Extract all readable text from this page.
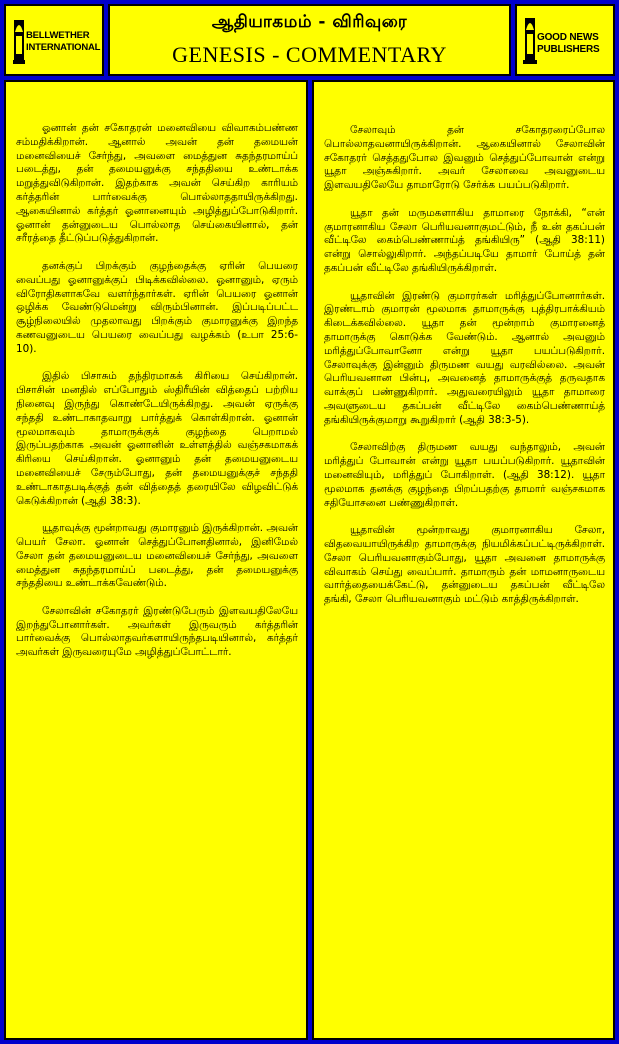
BELLWETHER
INTERNATIONAL
ஆதியாகமம் - விரிவுரை
GENESIS - COMMENTARY
GOOD NEWS
PUBLISHERS

ஓனான் தன் சகோதரன் மனைவியை விவாகம்பண்ண சம்மதிக்கிறான். ஆனால் அவன் தன் தமையன் மனைவியைச் சேர்ந்து, அவளை மைத்துன சுதந்தரமாய்ப் படைத்து, தன் தமையனுக்கு சந்ததியை உண்டாக்க மறுத்துவிடுகிறான். இதற்காக அவன் செய்கிற காரியம் கர்த்தரின் பார்வைக்கு பொல்லாததாயிருக்கிறது. ஆகையினால் கர்த்தர் ஓனானையும் அழித்துப்போடுகிறார். ஓனான் தன்னுடைய பொல்லாத செய்கையினால், தன் சரீரத்தை தீட்டுப்படுத்துகிறான்.

தனக்குப் பிறக்கும் குழந்தைக்கு ஏரின் பெயரை வைப்பது ஓனானுக்குப் பிடிக்கவில்லை. ஓனானும், ஏரும் விரோதிகளாகவே வளர்ந்தார்கள். ஏரின் பெயரை ஓனான் ஒழிக்க வேண்டுமென்று விரும்பினான். இப்படிப்பட்ட சூழ்நிலையில் முதலாவது பிறக்கும் குமாரனுக்கு இறந்த கணவனுடைய பெயரை வைப்பது வழக்கம் (உபா 25:6-10).

இதில் பிசாசும் தந்திரமாகக் கிரியை செய்கிறான். பிசாசின் மனதில் எப்போதும் ஸ்திரீயின் வித்தைப் பற்றிய நினைவு இருந்து கொண்டேயிருக்கிறது. அவன் ஏருக்கு சந்ததி உண்டாகாதவாறு பார்த்துக் கொள்கிறான். ஓனான் மூலமாகவும் தாமாருக்குக் குழந்தை பெறாமல் இருப்பதற்காக அவன் ஓனானின் உள்ளத்தில் வஞ்சகமாகக் கிரியை செய்கிறான். ஓனானும் தன் தமையனுடைய மனைவியைச் சேரும்போது, தன் தமையனுக்குச் சந்ததி உண்டாகாதபடிக்குத் தன் வித்தைத் தரையிலே விழவிட்டுக் கெடுக்கிறான் (ஆதி 38:3).

யூதாவுக்கு மூன்றாவது குமாரனும் இருக்கிறான். அவன் பெயர் சேலா. ஓனான் செத்துப்போனதினால், இனிமேல் சேலா தன் தமையனுடைய மனைவியைச் சேர்ந்து, அவளை மைத்துன சுதந்தரமாய்ப் படைத்து, தன் தமையனுக்கு சந்ததியை உண்டாக்கவேண்டும்.

சேலாவின் சகோதரர் இரண்டுபேரும் இளவயதிலேயே இறந்துபோனார்கள். அவர்கள் இருவரும் கர்த்தரின் பார்வைக்கு பொல்லாதவர்களாயிருந்தபடியினால், கர்த்தர் அவர்கள் இருவரையுமே அழித்துப்போட்டார்.

சேலாவும் தன் சகோதரரைப்போல பொல்லாதவனாயிருக்கிறான். ஆகையினால் சேலாவின் சகோதரர் செத்ததுபோல இவனும் செத்துப்போவான் என்று யூதா அஞ்சுகிறார். அவர் சேலாவை அவனுடைய இளவயதிலேயே தாமாரோடு சேர்க்க பயப்படுகிறார்.

யூதா தன் மருமகளாகிய தாமாரை நோக்கி, “என் குமாரனாகிய சேலா பெரியவனாகுமட்டும், நீ உன் தகப்பன் வீட்டிலே கைம்பெண்ணாய்த் தங்கியிரு” (ஆதி 38:11) என்று சொல்லுகிறார். அந்தப்படியே தாமார் போய்த் தன் தகப்பன் வீட்டிலே தங்கியிருக்கிறாள்.

யூதாவின் இரண்டு குமாரர்கள் மரித்துப்போனார்கள். இரண்டாம் குமாரன் மூலமாக தாமாருக்கு புத்திரபாக்கியம் கிடைக்கவில்லை. யூதா தன் மூன்றாம் குமாரனைத் தாமாருக்கு கொடுக்க வேண்டும். ஆனால் அவனும் மரித்துப்போவானோ என்று யூதா பயப்படுகிறார். சேலாவுக்கு இன்னும் திருமண வயது வரவில்லை. அவன் பெரியவனான பின்பு, அவனைத் தாமாருக்குத் தருவதாக வாக்குப் பண்ணுகிறார். அதுவரையிலும் யூதா தாமாரை அவளுடைய தகப்பன் வீட்டிலே கைம்பெண்ணாய்த் தங்கியிருக்குமாறு கூறுகிறார் (ஆதி 38:3-5).

சேலாவிற்கு திருமண வயது வந்தாலும், அவன் மரித்துப் போவான் என்று யூதா பயப்படுகிறார். யூதாவின் மனைவியும், மரித்துப் போகிறாள். (ஆதி 38:12). யூதா மூலமாக தனக்கு குழந்தை பிறப்பதற்கு தாமார் வஞ்சகமாக சதியோசனை பண்ணுகிறாள்.

யூதாவின் மூன்றாவது குமாரனாகிய சேலா, விதவையாயிருக்கிற தாமாருக்கு நியமிக்கப்பட்டிருக்கிறாள். சேலா பெரியவனாகும்போது, யூதா அவனை தாமாருக்கு விவாகம் செய்து வைப்பார். தாமாரும் தன் மாமனாருடைய வார்த்தையைக்கேட்டு, தன்னுடைய தகப்பன் வீட்டிலே தங்கி, சேலா பெரியவனாகும் மட்டும் காத்திருக்கிறாள்.
